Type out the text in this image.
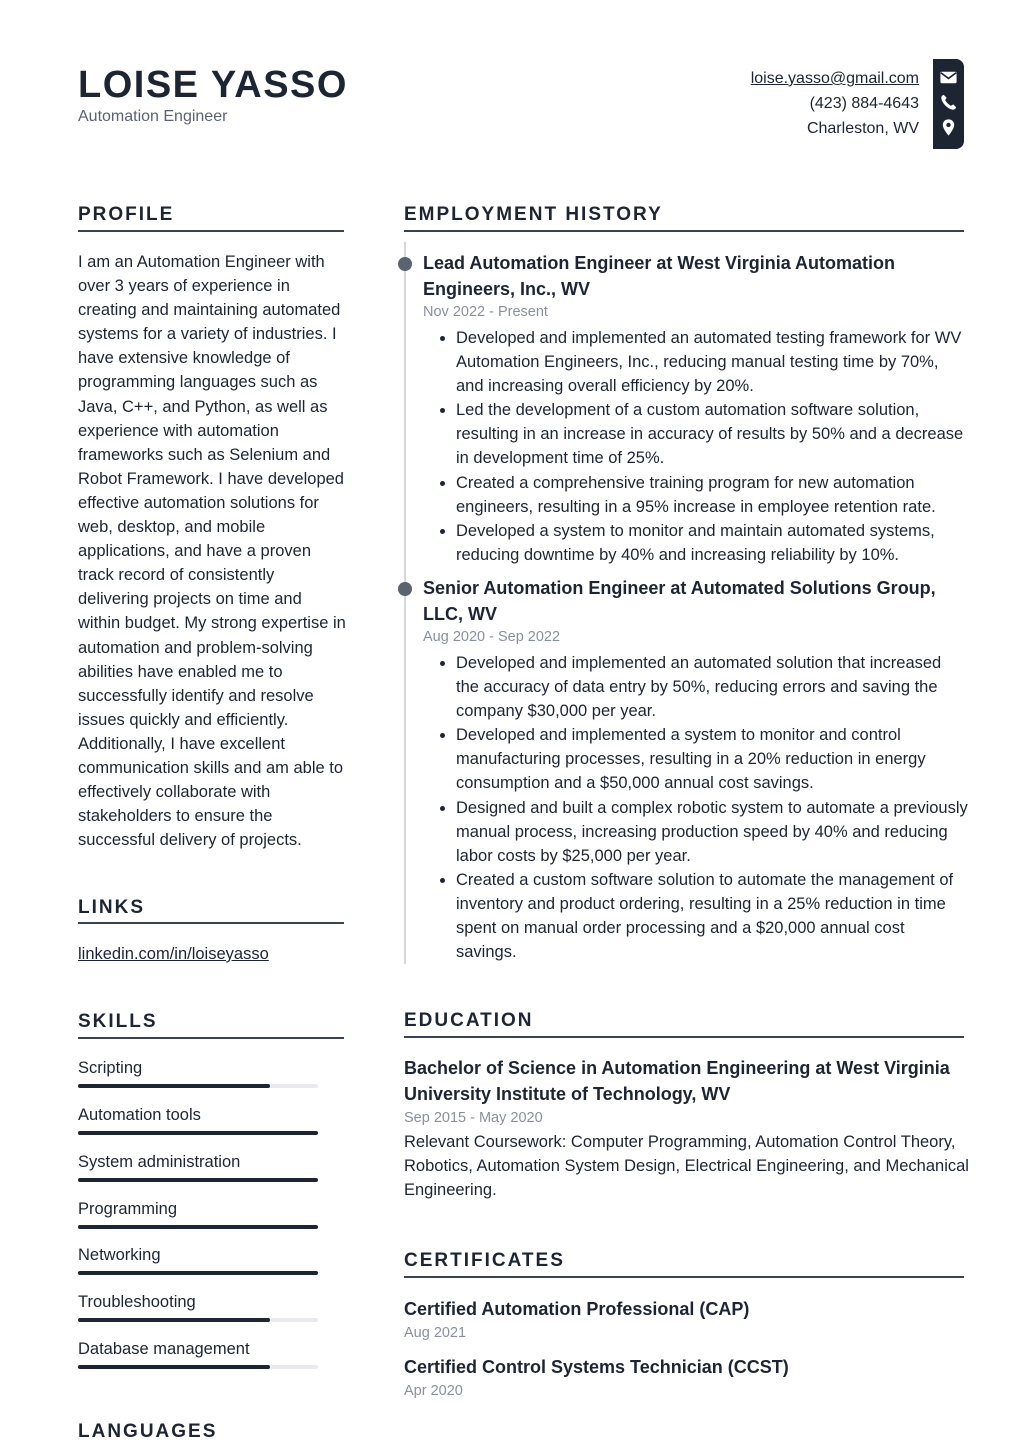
LOISE YASSO
Automation Engineer
loise.yasso@gmail.com
(423) 884-4643
Charleston, WV
PROFILE
I am an Automation Engineer with over 3 years of experience in creating and maintaining automated systems for a variety of industries. I have extensive knowledge of programming languages such as Java, C++, and Python, as well as experience with automation frameworks such as Selenium and Robot Framework. I have developed effective automation solutions for web, desktop, and mobile applications, and have a proven track record of consistently delivering projects on time and within budget. My strong expertise in automation and problem-solving abilities have enabled me to successfully identify and resolve issues quickly and efficiently. Additionally, I have excellent communication skills and am able to effectively collaborate with stakeholders to ensure the successful delivery of projects.
LINKS
linkedin.com/in/loiseyasso
SKILLS
Scripting
Automation tools
System administration
Programming
Networking
Troubleshooting
Database management
LANGUAGES
EMPLOYMENT HISTORY
Lead Automation Engineer at West Virginia Automation Engineers, Inc., WV
Nov 2022 - Present
• Developed and implemented an automated testing framework for WV Automation Engineers, Inc., reducing manual testing time by 70%, and increasing overall efficiency by 20%.
• Led the development of a custom automation software solution, resulting in an increase in accuracy of results by 50% and a decrease in development time of 25%.
• Created a comprehensive training program for new automation engineers, resulting in a 95% increase in employee retention rate.
• Developed a system to monitor and maintain automated systems, reducing downtime by 40% and increasing reliability by 10%.
Senior Automation Engineer at Automated Solutions Group, LLC, WV
Aug 2020 - Sep 2022
• Developed and implemented an automated solution that increased the accuracy of data entry by 50%, reducing errors and saving the company $30,000 per year.
• Developed and implemented a system to monitor and control manufacturing processes, resulting in a 20% reduction in energy consumption and a $50,000 annual cost savings.
• Designed and built a complex robotic system to automate a previously manual process, increasing production speed by 40% and reducing labor costs by $25,000 per year.
• Created a custom software solution to automate the management of inventory and product ordering, resulting in a 25% reduction in time spent on manual order processing and a $20,000 annual cost savings.
EDUCATION
Bachelor of Science in Automation Engineering at West Virginia University Institute of Technology, WV
Sep 2015 - May 2020
Relevant Coursework: Computer Programming, Automation Control Theory, Robotics, Automation System Design, Electrical Engineering, and Mechanical Engineering.
CERTIFICATES
Certified Automation Professional (CAP)
Aug 2021
Certified Control Systems Technician (CCST)
Apr 2020
